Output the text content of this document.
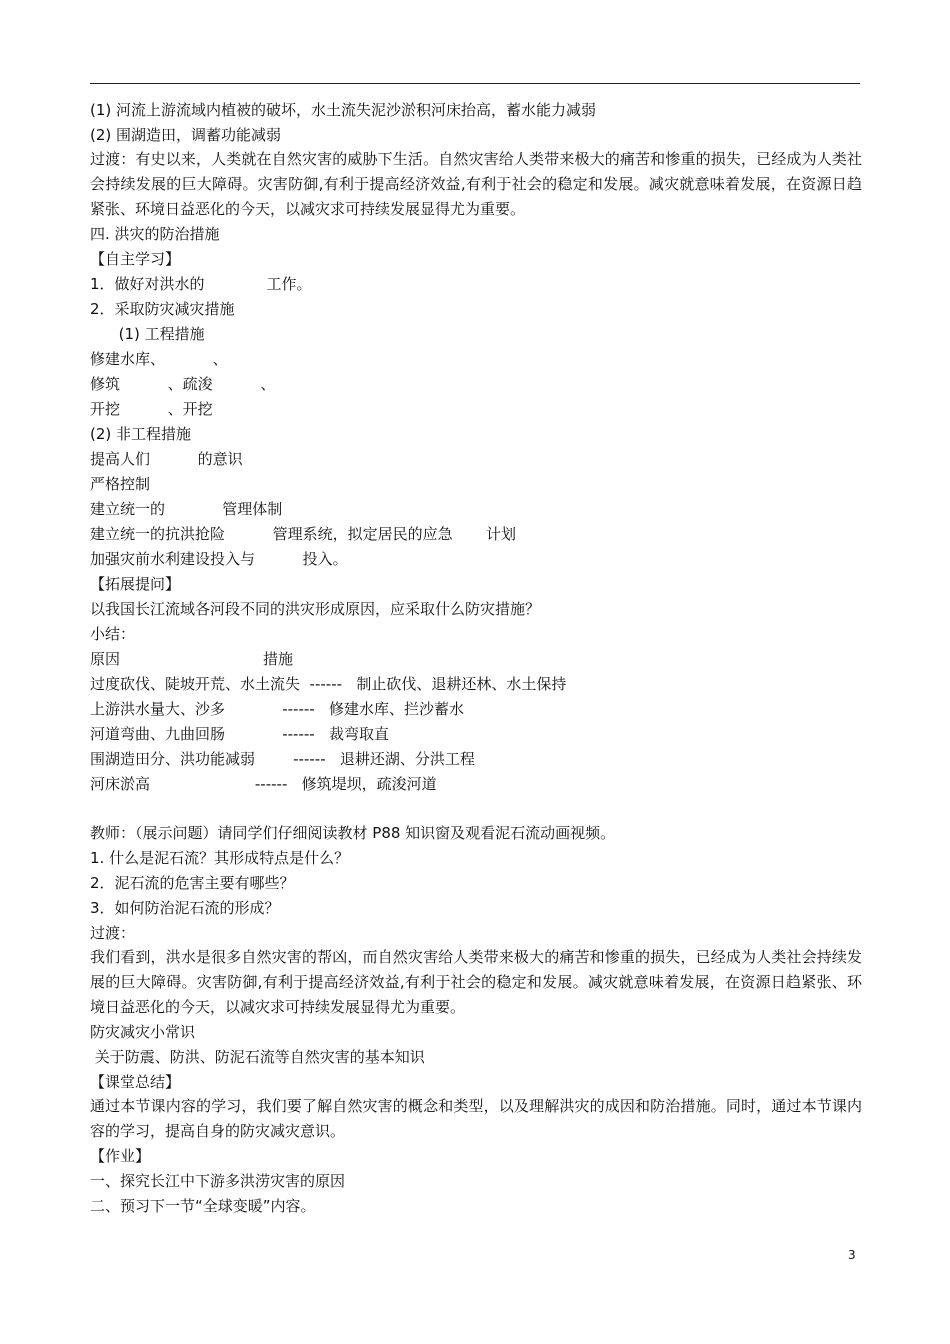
(1) 河流上游流域内植被的破坏，水土流失泥沙淤积河床抬高，蓄水能力减弱
(2) 围湖造田，调蓄功能减弱
过渡：有史以来，人类就在自然灾害的威胁下生活。自然灾害给人类带来极大的痛苦和惨重的损失，已经成为人类社会持续发展的巨大障碍。灾害防御,有利于提高经济效益,有利于社会的稳定和发展。减灾就意味着发展，在资源日趋紧张、环境日益恶化的今天，以减灾求可持续发展显得尤为重要。
四. 洪灾的防治措施
【自主学习】
1．做好对洪水的             工作。
2．采取防灾减灾措施
(1) 工程措施
修建水库、          、
修筑          、疏浚          、
开挖          、开挖
(2) 非工程措施
提高人们          的意识
严格控制
建立统一的            管理体制
建立统一的抗洪抢险          管理系统，拟定居民的应急       计划
加强灾前水利建设投入与          投入。
【拓展提问】
以我国长江流域各河段不同的洪灾形成原因，应采取什么防灾措施？
小结：
原因                              措施
过度砍伐、陡坡开荒、水土流失  ------   制止砍伐、退耕还林、水土保持
上游洪水量大、沙多            ------   修建水库、拦沙蓄水
河道弯曲、九曲回肠            ------   裁弯取直
围湖造田分、洪功能减弱        ------   退耕还湖、分洪工程
河床淤高                      ------   修筑堤坝，疏浚河道
教师：（展示问题）请同学们仔细阅读教材 P88 知识窗及观看泥石流动画视频。
1. 什么是泥石流？其形成特点是什么？
2．泥石流的危害主要有哪些？
3．如何防治泥石流的形成？
过渡：
我们看到，洪水是很多自然灾害的帮凶，而自然灾害给人类带来极大的痛苦和惨重的损失，已经成为人类社会持续发展的巨大障碍。灾害防御,有利于提高经济效益,有利于社会的稳定和发展。减灾就意味着发展，在资源日趋紧张、环境日益恶化的今天，以减灾求可持续发展显得尤为重要。
防灾减灾小常识
关于防震、防洪、防泥石流等自然灾害的基本知识
【课堂总结】
通过本节课内容的学习，我们要了解自然灾害的概念和类型，以及理解洪灾的成因和防治措施。同时，通过本节课内容的学习，提高自身的防灾减灾意识。
【作业】
一、探究长江中下游多洪涝灾害的原因
二、预习下一节“全球变暖”内容。
3
